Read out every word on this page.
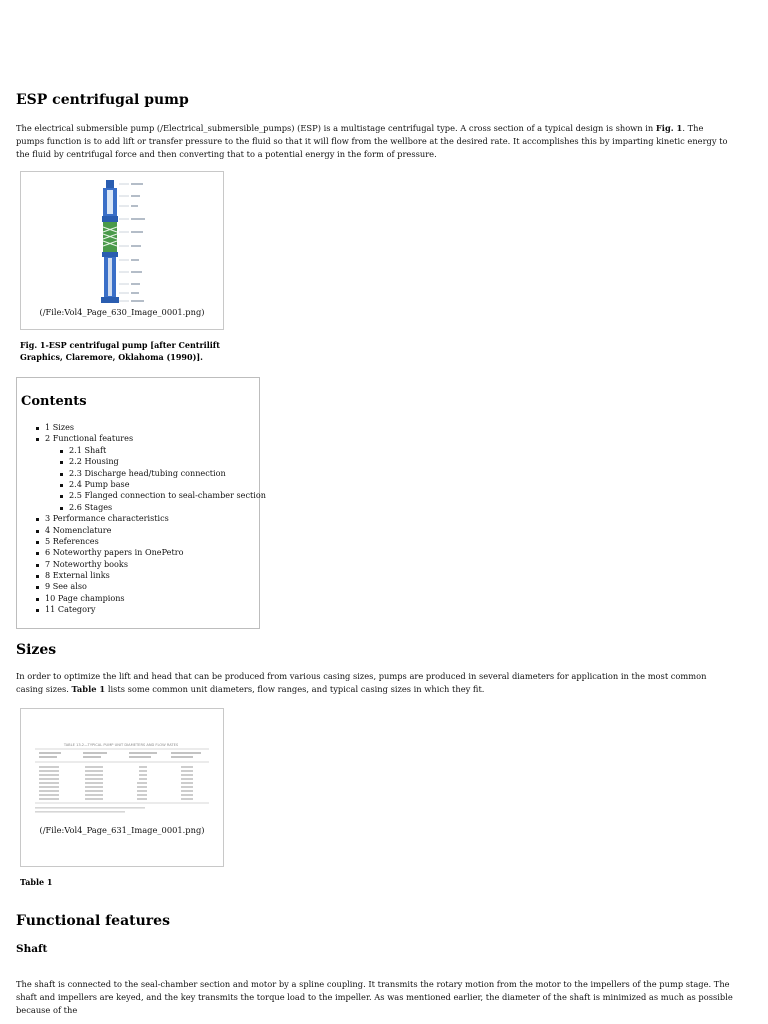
ESP centrifugal pump

The electrical submersible pump (/Electrical_submersible_pumps) (ESP) is a multistage centrifugal type. A cross section of a typical design is shown in Fig. 1. The pumps function is to add lift or transfer pressure to the fluid so that it will flow from the wellbore at the desired rate. It accomplishes this by imparting kinetic energy to the fluid by centrifugal force and then converting that to a potential energy in the form of pressure.

(/File:Vol4_Page_630_Image_0001.png)
Fig. 1-ESP centrifugal pump [after Centrilift
Graphics, Claremore, Oklahoma (1990)].
Contents
1 Sizes
2 Functional features
2.1 Shaft
2.2 Housing
2.3 Discharge head/tubing connection
2.4 Pump base
2.5 Flanged connection to seal-chamber section
2.6 Stages
3 Performance characteristics
4 Nomenclature
5 References
6 Noteworthy papers in OnePetro
7 Noteworthy books
8 External links
9 See also
10 Page champions
11 Category
Sizes

In order to optimize the lift and head that can be produced from various casing sizes, pumps are produced in several diameters for application in the most common casing sizes. Table 1 lists some common unit diameters, flow ranges, and typical casing sizes in which they fit.

TABLE 13.2—TYPICAL PUMP UNIT DIAMETERS AND FLOW RATES
(/File:Vol4_Page_631_Image_0001.png)
Table 1
Functional features
Shaft

The shaft is connected to the seal-chamber section and motor by a spline coupling. It transmits the rotary motion from the motor to the impellers of the pump stage. The shaft and impellers are keyed, and the key transmits the torque load to the impeller. As was mentioned earlier, the diameter of the shaft is minimized as much as possible because of the
